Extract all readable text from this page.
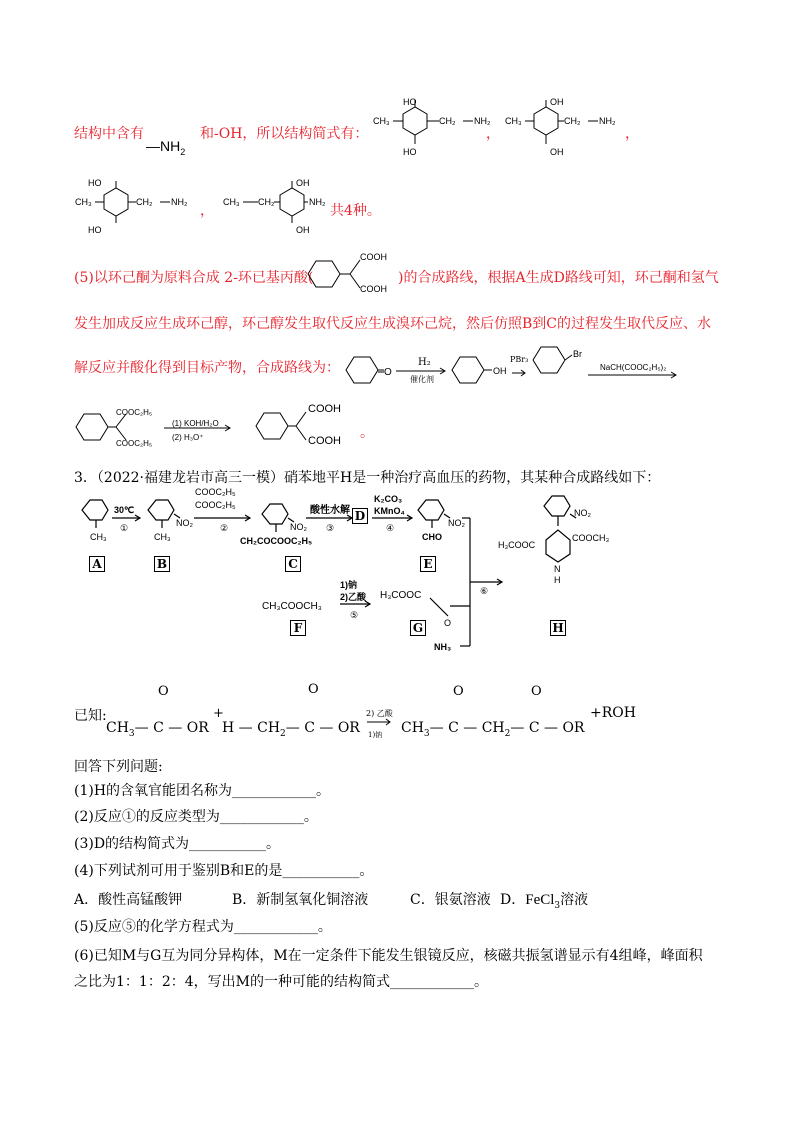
结构中含有
$—NH_2$
和-OH，所以结构简式有：
HO
HO
CH₃	CH₂ NH₂
，
OH
OH
CH₃	CH₂ NH₂
，
HO
HO
CH₃	CH₂ NH₂
，
CH₃ CH₂
OH
OH
NH₂
共4种。
(5)以环己酮为原料合成 2-环已基丙酸(
COOH
COOH
)的合成路线，根据A生成D路线可知，环己酮和氢气
发生加成反应生成环己醇，环己醇发生取代反应生成溴环己烷，然后仿照B到C的过程发生取代反应、水
解反应并酸化得到目标产物，合成路线为：	O	OH
Br
H₂
催化剂
PBr₃
NaCH(COOC₂H₅)₂
COOC₂H₅
COOC₂H₅
COOH
COOH
(1) KOH/H₂O
(2) H₃O⁺	。
3．（2022·福建龙岩市高三一模）硝苯地平H是一种治疗高血压的药物，其某种合成路线如下：
CH₃
30℃
①	NO₂
CH₃
COOC₂H₅
COOC₂H₅
②	NO₂
CH₂COCOOC₂H₅
酸性水解
③
K₂CO₃
KMnO₄
④	NO₂
CHO
CH₃COOCH₃
1)钠
2)乙酸
⑤
H₃COOC
O
⑥
H₃COOC
COOCH₃
NO₂
N
H
NH₃
A	B	C
D
E
F	G	H
已知:
O	O	O	O
$CH_3—$ C — OR
+
H — $CH_2—$ C — OR
2) 乙酸
1)钠 $CH_3—$ C — $CH_2—$ C — OR
+ROH
回答下列问题:
(1)H的含氧官能团名称为____________。
(2)反应①的反应类型为____________。
(3)D的结构简式为___________。
(4)下列试剂可用于鉴别B和E的是___________。
A．酸性高锰酸钾	B．新制氢氧化铜溶液	C．银氨溶液 D．FeCl$_3$溶液
(5)反应⑤的化学方程式为____________。
(6)已知M与G互为同分异构体，M在一定条件下能发生银镜反应，核磁共振氢谱显示有4组峰，峰面积
之比为1：1：2：4，写出M的一种可能的结构简式____________。
